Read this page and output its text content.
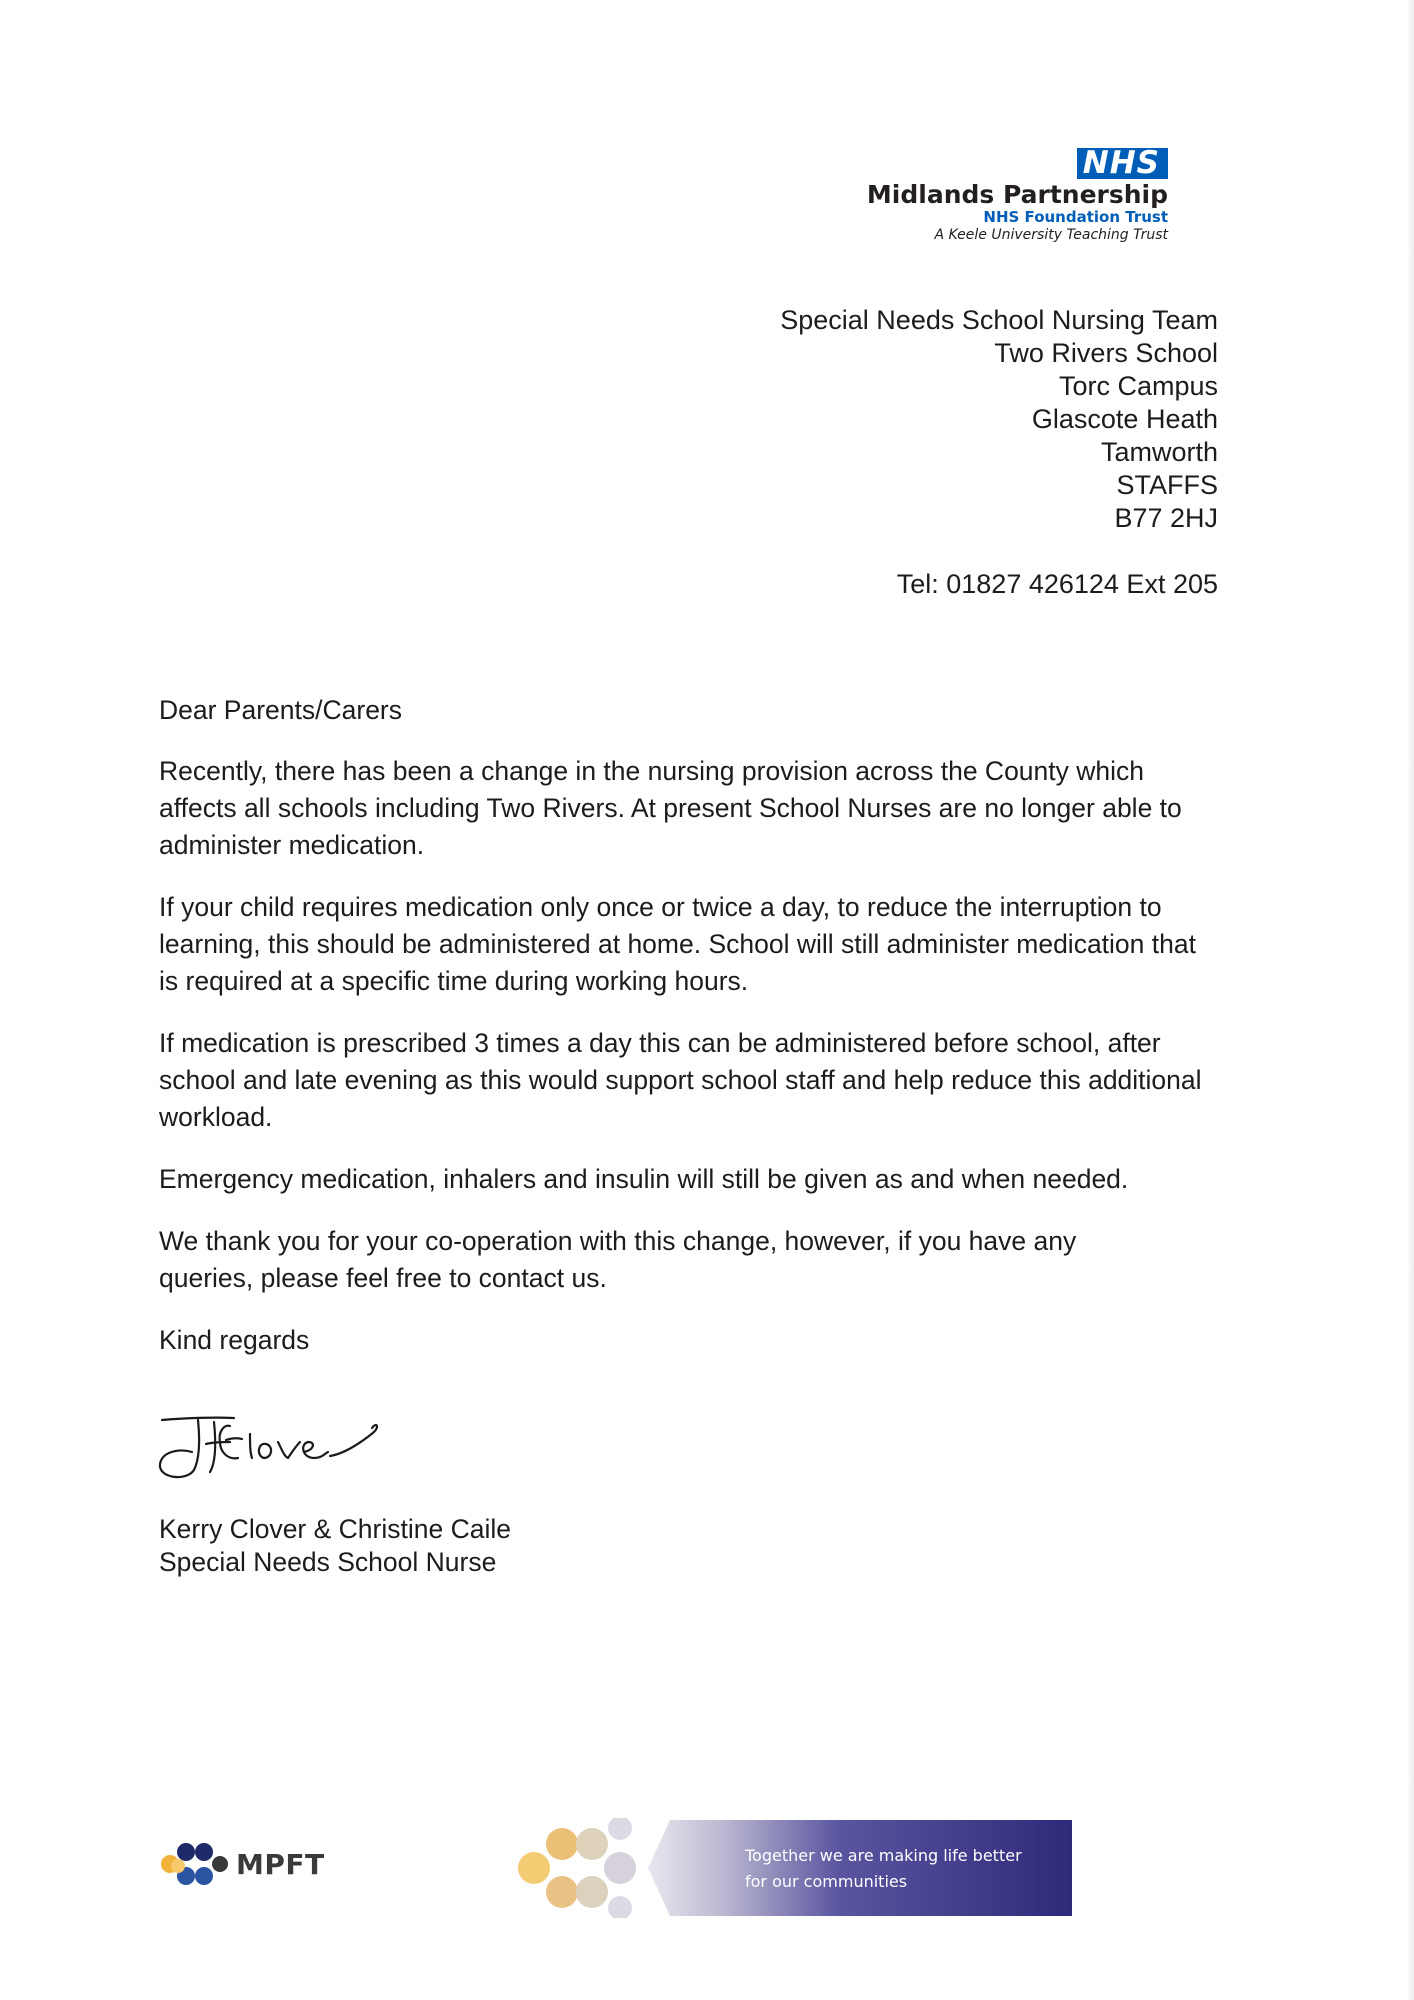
NHS
Midlands Partnership
NHS Foundation Trust
A Keele University Teaching Trust
Special Needs School Nursing Team
Two Rivers School
Torc Campus
Glascote Heath
Tamworth
STAFFS
B77 2HJ
Tel: 01827 426124 Ext 205

Dear Parents/Carers

Recently, there has been a change in the nursing provision across the County which affects all schools including Two Rivers. At present School Nurses are no longer able to administer medication.

If your child requires medication only once or twice a day, to reduce the interruption to learning, this should be administered at home. School will still administer medication that is required at a specific time during working hours.

If medication is prescribed 3 times a day this can be administered before school, after school and late evening as this would support school staff and help reduce this additional workload.

Emergency medication, inhalers and insulin will still be given as and when needed.

We thank you for your co-operation with this change, however, if you have any queries, please feel free to contact us.

Kind regards

Kerry Clover & Christine Caile
Special Needs School Nurse
MPFT	Together we are making life better
for our communities
